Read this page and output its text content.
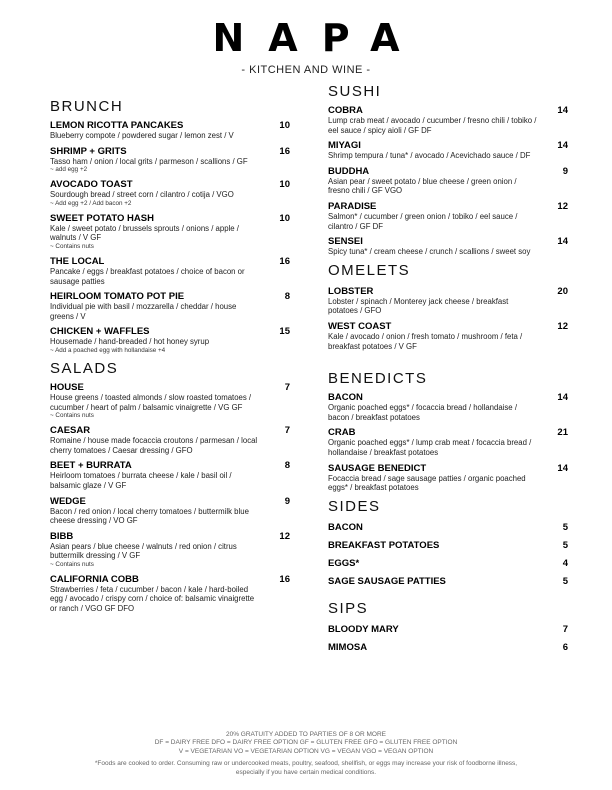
NAPA
- KITCHEN AND WINE -
BRUNCH
LEMON RICOTTA PANCAKES	10
Blueberry compote / powdered sugar / lemon zest / V
SHRIMP + GRITS	16
Tasso ham / onion / local grits / parmeson / scallions / GF
~ add egg +2
AVOCADO TOAST	10
Sourdough bread / street corn / cilantro / cotija / VGO
~ Add egg +2 / Add bacon +2
SWEET POTATO HASH	10
Kale / sweet potato / brussels sprouts / onions / apple / walnuts / V GF
~ Contains nuts
THE LOCAL	16
Pancake / eggs / breakfast potatoes / choice of bacon or sausage patties
HEIRLOOM TOMATO POT PIE	8
Individual pie with basil / mozzarella / cheddar / house greens / V
CHICKEN + WAFFLES	15
Housemade / hand-breaded / hot honey syrup
~ Add a poached egg with hollandaise +4
SALADS
HOUSE	7
House greens / toasted almonds / slow roasted tomatoes / cucumber / heart of palm / balsamic vinaigrette / VG GF
~ Contains nuts
CAESAR	7
Romaine / house made focaccia croutons / parmesan / local cherry tomatoes / Caesar dressing / GFO
BEET + BURRATA	8
Heirloom tomatoes / burrata cheese / kale / basil oil / balsamic glaze / V GF
WEDGE	9
Bacon / red onion / local cherry tomatoes / buttermilk blue cheese dressing / VO GF
BIBB	12
Asian pears / blue cheese / walnuts / red onion / citrus buttermilk dressing / V GF
~ Contains nuts
CALIFORNIA COBB	16
Strawberries / feta / cucumber / bacon / kale / hard-boiled egg / avocado / crispy corn / choice of: balsamic vinaigrette or ranch / VGO GF DFO
SUSHI
COBRA	14
Lump crab meat / avocado / cucumber / fresno chili / tobiko / eel sauce / spicy aioli / GF DF
MIYAGI	14
Shrimp tempura / tuna* / avocado / Acevichado sauce / DF
BUDDHA	9
Asian pear / sweet potato / blue cheese / green onion / fresno chili / GF VGO
PARADISE	12
Salmon* / cucumber / green onion / tobiko / eel sauce / cilantro / GF DF
SENSEI	14
Spicy tuna* / cream cheese / crunch / scallions / sweet soy
OMELETS
LOBSTER	20
Lobster / spinach / Monterey jack cheese / breakfast potatoes / GFO
WEST COAST	12
Kale / avocado / onion / fresh tomato / mushroom / feta / breakfast potatoes / V GF
BENEDICTS
BACON	14
Organic poached eggs* / focaccia bread / hollandaise / bacon / breakfast potatoes
CRAB	21
Organic poached eggs* / lump crab meat / focaccia bread / hollandaise / breakfast potatoes
SAUSAGE BENEDICT	14
Focaccia bread / sage sausage patties / organic poached eggs* / breakfast potatoes
SIDES
BACON	5
BREAKFAST POTATOES	5
EGGS*	4
SAGE SAUSAGE PATTIES	5
SIPS
BLOODY MARY	7
MIMOSA	6
20% GRATUITY ADDED TO PARTIES OF 8 OR MORE
DF = DAIRY FREE DFO = DAIRY FREE OPTION GF = GLUTEN FREE GFO = GLUTEN FREE OPTION
V = VEGETARIAN VO = VEGETARIAN OPTION VG = VEGAN VGO = VEGAN OPTION
*Foods are cooked to order. Consuming raw or undercooked meats, poultry, seafood, shellfish, or eggs may increase your risk of foodborne illness,
especially if you have certain medical conditions.
